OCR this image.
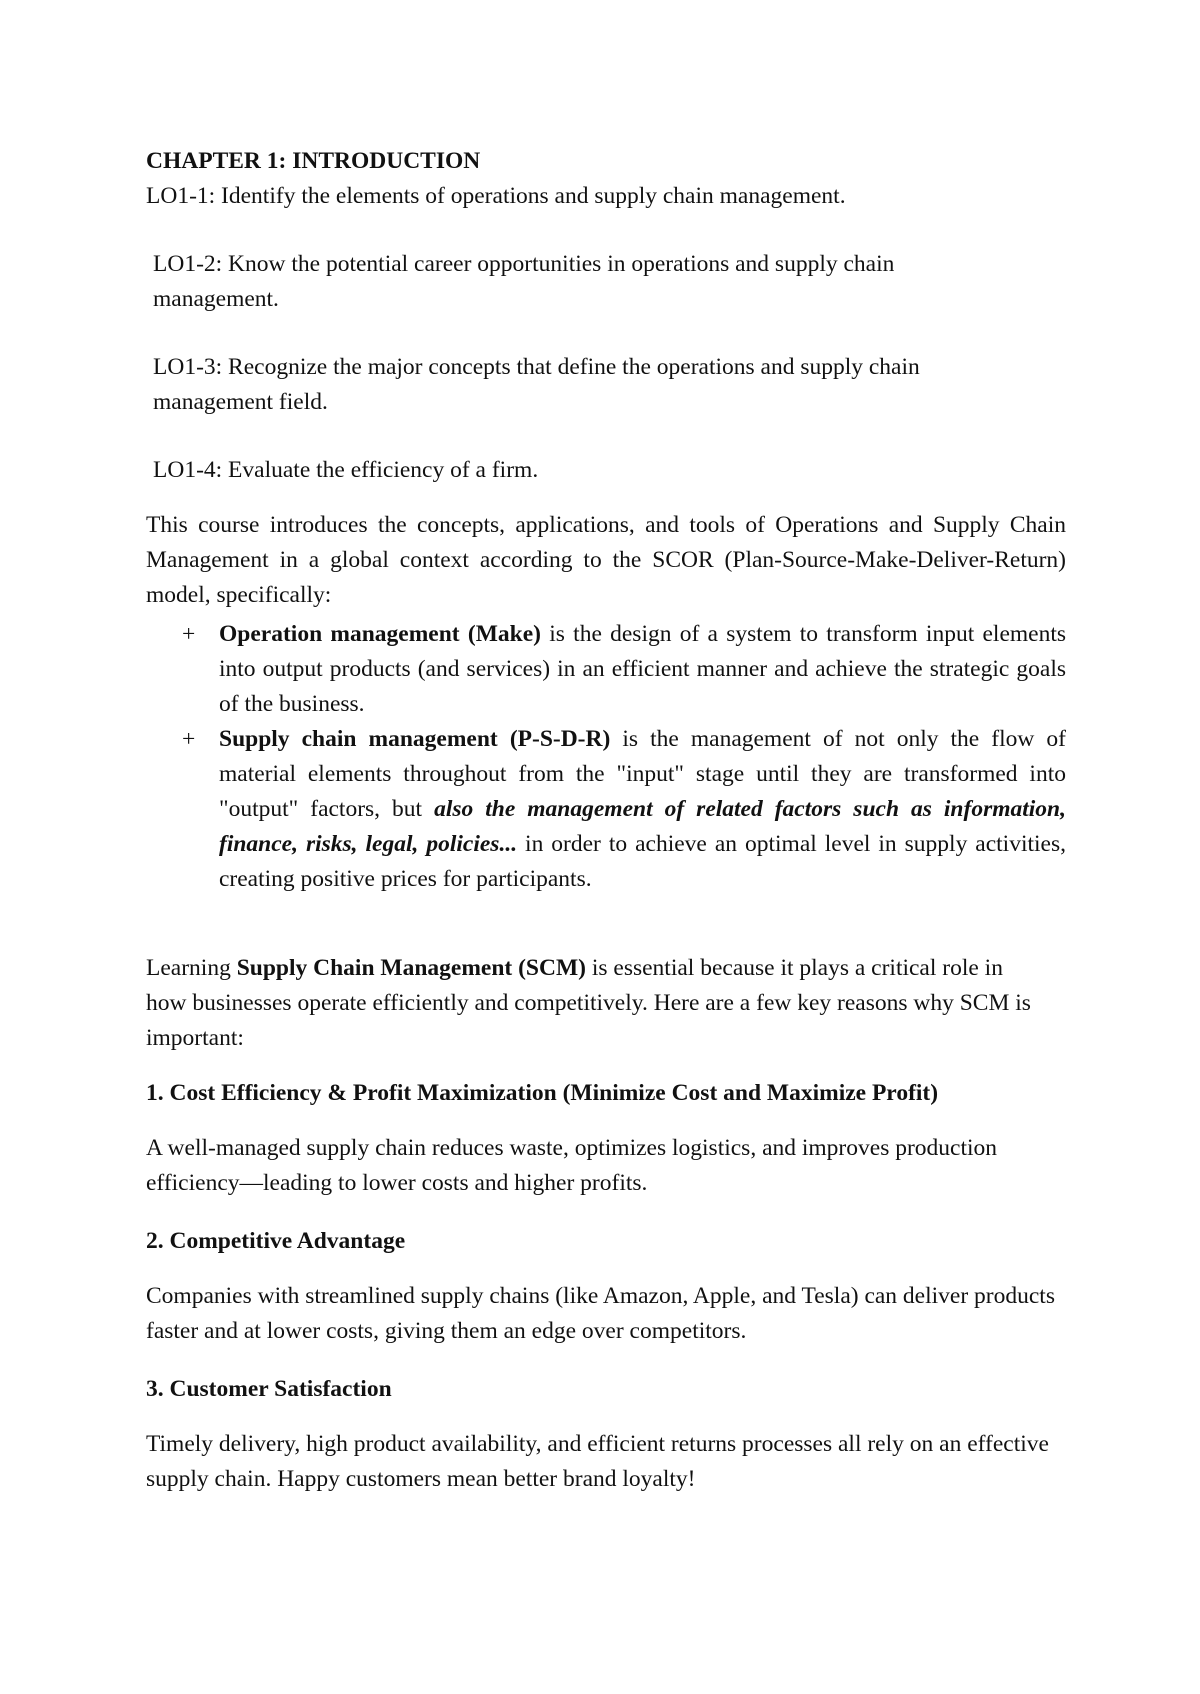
CHAPTER 1: INTRODUCTION

LO1-1: Identify the elements of operations and supply chain management.

LO1-2: Know the potential career opportunities in operations and supply chain management.

LO1-3: Recognize the major concepts that define the operations and supply chain management field.

LO1-4: Evaluate the efficiency of a firm.

This course introduces the concepts, applications, and tools of Operations and Supply Chain Management in a global context according to the SCOR (Plan-Source-Make-Deliver-Return) model, specifically:

+ Operation management (Make) is the design of a system to transform input elements into output products (and services) in an efficient manner and achieve the strategic goals of the business.
+ Supply chain management (P-S-D-R) is the management of not only the flow of material elements throughout from the "input" stage until they are transformed into "output" factors, but also the management of related factors such as information, finance, risks, legal, policies... in order to achieve an optimal level in supply activities, creating positive prices for participants.

Learning Supply Chain Management (SCM) is essential because it plays a critical role in how businesses operate efficiently and competitively. Here are a few key reasons why SCM is important:

1. Cost Efficiency & Profit Maximization (Minimize Cost and Maximize Profit)

A well-managed supply chain reduces waste, optimizes logistics, and improves production efficiency—leading to lower costs and higher profits.

2. Competitive Advantage

Companies with streamlined supply chains (like Amazon, Apple, and Tesla) can deliver products faster and at lower costs, giving them an edge over competitors.

3. Customer Satisfaction

Timely delivery, high product availability, and efficient returns processes all rely on an effective supply chain. Happy customers mean better brand loyalty!
